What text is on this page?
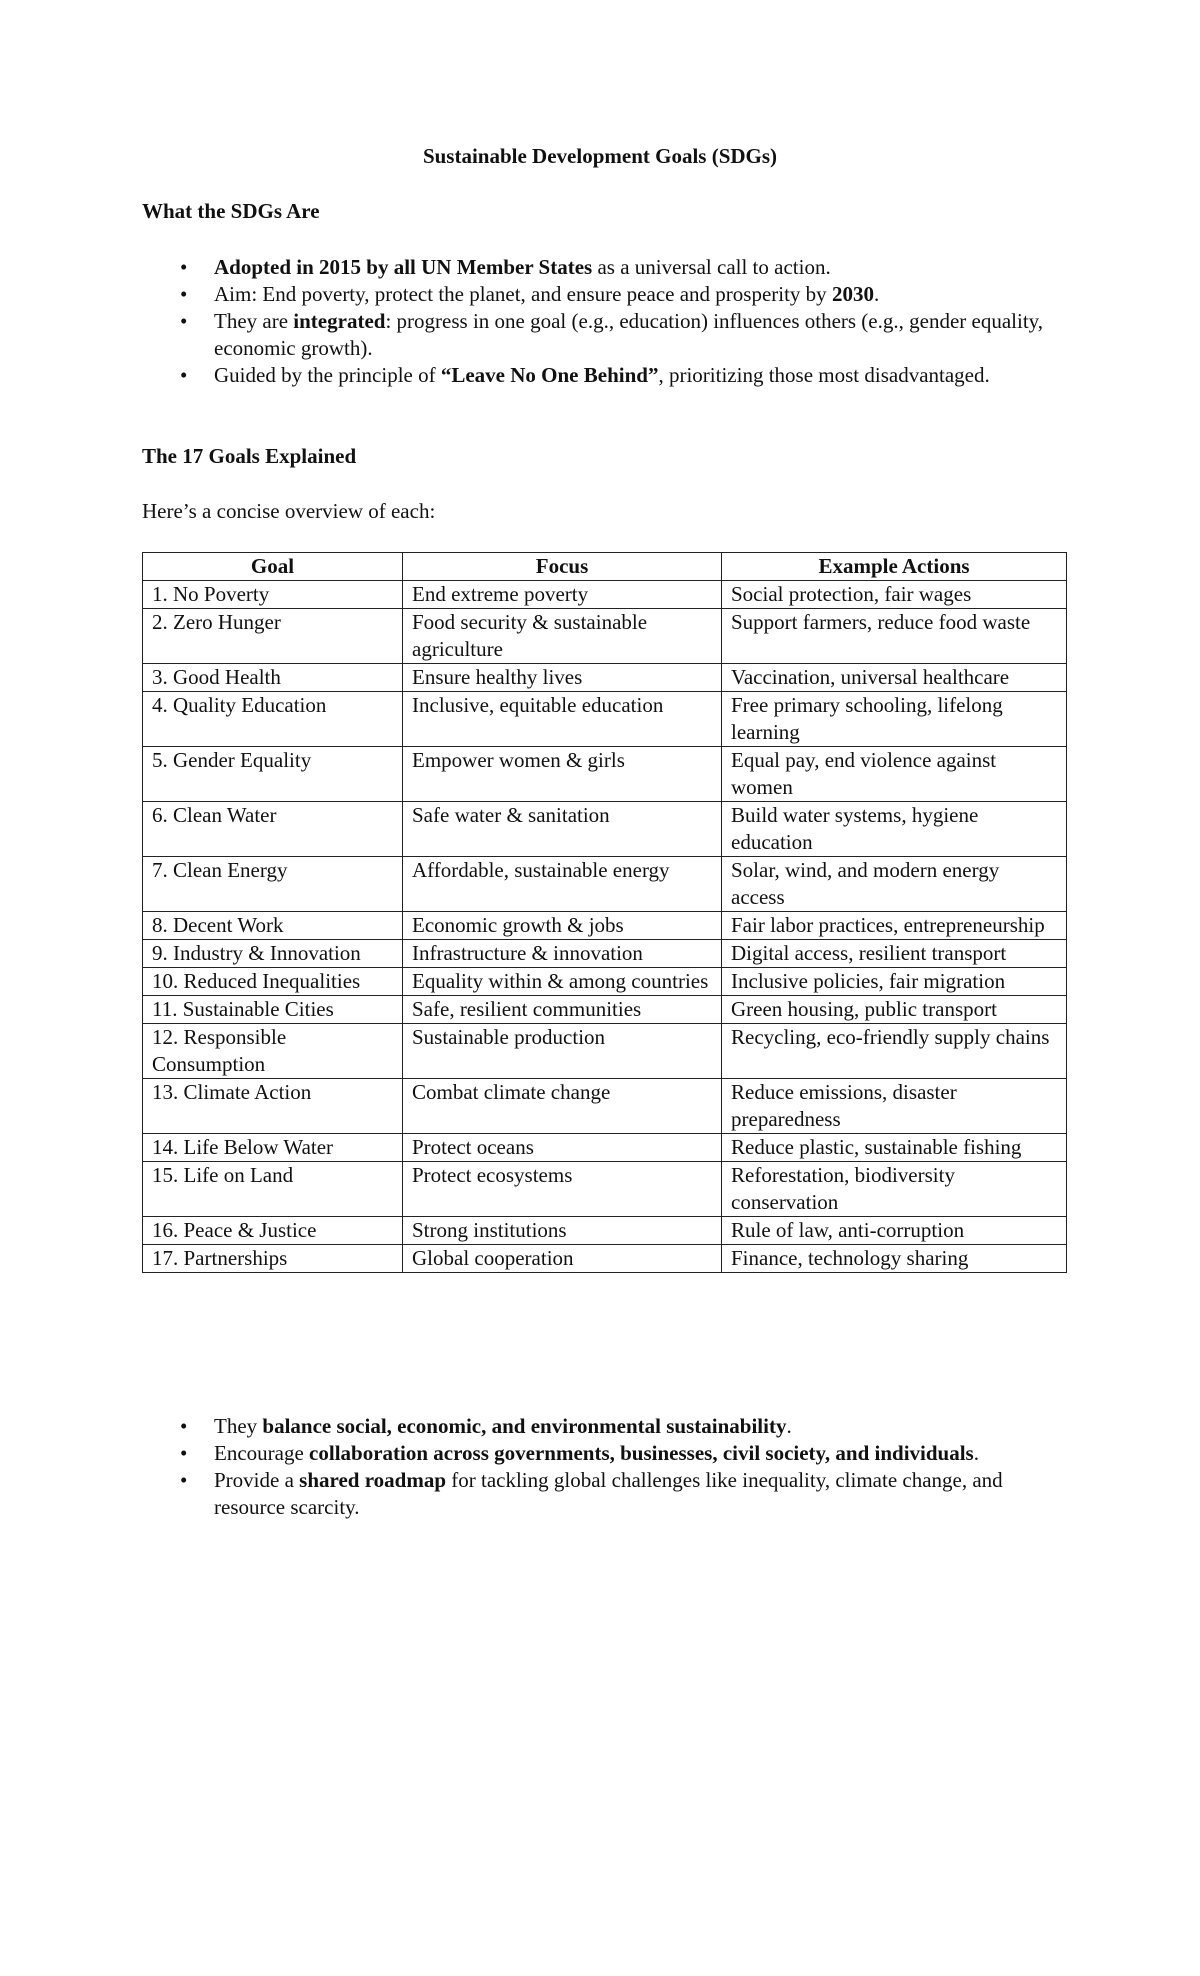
Sustainable Development Goals (SDGs)
What the SDGs Are
• Adopted in 2015 by all UN Member States as a universal call to action.
• Aim: End poverty, protect the planet, and ensure peace and prosperity by 2030.
• They are integrated: progress in one goal (e.g., education) influences others (e.g., gender equality, economic growth).
• Guided by the principle of “Leave No One Behind”, prioritizing those most disadvantaged.
The 17 Goals Explained

Here’s a concise overview of each:

Goal	Focus	Example Actions
1. No Poverty	End extreme poverty	Social protection, fair wages
2. Zero Hunger	Food security & sustainable agriculture	Support farmers, reduce food waste
3. Good Health	Ensure healthy lives	Vaccination, universal healthcare
4. Quality Education	Inclusive, equitable education	Free primary schooling, lifelong learning
5. Gender Equality	Empower women & girls	Equal pay, end violence against women
6. Clean Water	Safe water & sanitation	Build water systems, hygiene education
7. Clean Energy	Affordable, sustainable energy	Solar, wind, and modern energy access
8. Decent Work	Economic growth & jobs	Fair labor practices, entrepreneurship
9. Industry & Innovation	Infrastructure & innovation	Digital access, resilient transport
10. Reduced Inequalities	Equality within & among countries	Inclusive policies, fair migration
11. Sustainable Cities	Safe, resilient communities	Green housing, public transport
12. Responsible Consumption	Sustainable production	Recycling, eco-friendly supply chains
13. Climate Action	Combat climate change	Reduce emissions, disaster preparedness
14. Life Below Water	Protect oceans	Reduce plastic, sustainable fishing
15. Life on Land	Protect ecosystems	Reforestation, biodiversity conservation
16. Peace & Justice	Strong institutions	Rule of law, anti-corruption
17. Partnerships	Global cooperation	Finance, technology sharing
• They balance social, economic, and environmental sustainability.
• Encourage collaboration across governments, businesses, civil society, and individuals.
• Provide a shared roadmap for tackling global challenges like inequality, climate change, and resource scarcity.
